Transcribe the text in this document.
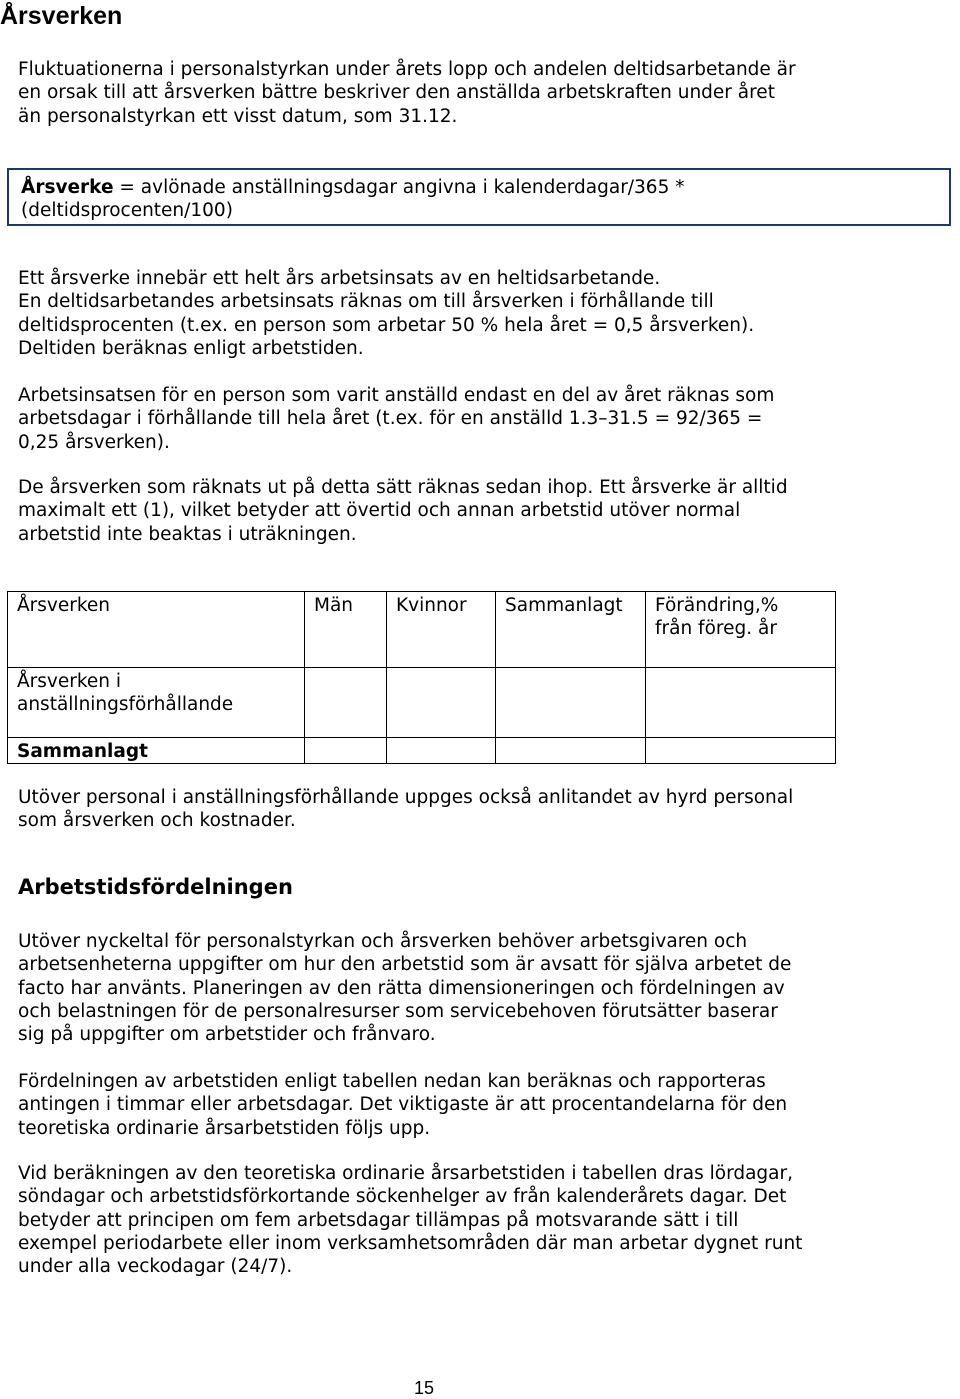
Årsverken

Fluktuationerna i personalstyrkan under årets lopp och andelen deltidsarbetande är
en orsak till att årsverken bättre beskriver den anställda arbetskraften under året
än personalstyrkan ett visst datum, som 31.12.

Årsverke = avlönade anställningsdagar angivna i kalenderdagar/365 *
(deltidsprocenten/100)

Ett årsverke innebär ett helt års arbetsinsats av en heltidsarbetande.
En deltidsarbetandes arbetsinsats räknas om till årsverken i förhållande till
deltidsprocenten (t.ex. en person som arbetar 50 % hela året = 0,5 årsverken).
Deltiden beräknas enligt arbetstiden.

Arbetsinsatsen för en person som varit anställd endast en del av året räknas som
arbetsdagar i förhållande till hela året (t.ex. för en anställd 1.3–31.5 = 92/365 =
0,25 årsverken).

De årsverken som räknats ut på detta sätt räknas sedan ihop. Ett årsverke är alltid
maximalt ett (1), vilket betyder att övertid och annan arbetstid utöver normal
arbetstid inte beaktas i uträkningen.

Årsverken	Män	Kvinnor	Sammanlagt	Förändring,%
från föreg. år
Årsverken i
anställningsförhållande				
Sammanlagt				

Utöver personal i anställningsförhållande uppges också anlitandet av hyrd personal
som årsverken och kostnader.

Arbetstidsfördelningen

Utöver nyckeltal för personalstyrkan och årsverken behöver arbetsgivaren och
arbetsenheterna uppgifter om hur den arbetstid som är avsatt för själva arbetet de
facto har använts. Planeringen av den rätta dimensioneringen och fördelningen av
och belastningen för de personalresurser som servicebehoven förutsätter baserar
sig på uppgifter om arbetstider och frånvaro.

Fördelningen av arbetstiden enligt tabellen nedan kan beräknas och rapporteras
antingen i timmar eller arbetsdagar. Det viktigaste är att procentandelarna för den
teoretiska ordinarie årsarbetstiden följs upp.

Vid beräkningen av den teoretiska ordinarie årsarbetstiden i tabellen dras lördagar,
söndagar och arbetstidsförkortande söckenhelger av från kalenderårets dagar. Det
betyder att principen om fem arbetsdagar tillämpas på motsvarande sätt i till
exempel periodarbete eller inom verksamhetsområden där man arbetar dygnet runt
under alla veckodagar (24/7).

15
